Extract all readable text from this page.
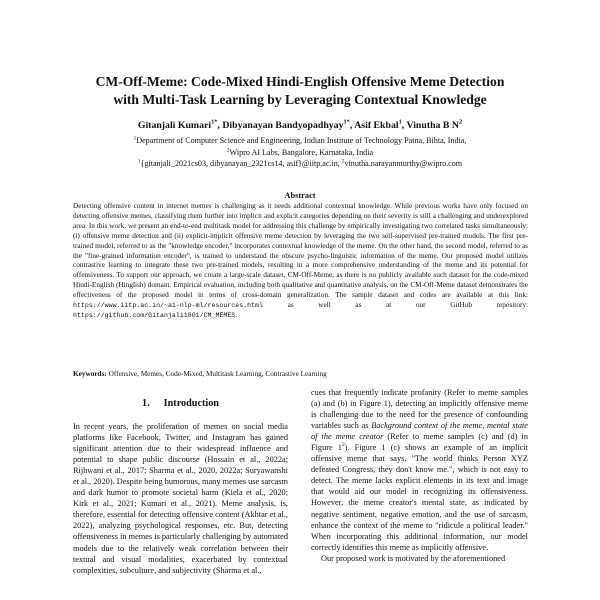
CM-Off-Meme: Code-Mixed Hindi-English Offensive Meme Detection
with Multi-Task Learning by Leveraging Contextual Knowledge
Gitanjali Kumari$^{1*}$, Dibyanayan Bandyopadhyay$^{1*}$, Asif Ekbal$^1$, Vinutha B $N^2$
$^1$Department of Computer Science and Engineering, Indian Institute of Technology Patna, Bihta, India,
$^2$Wipro AI Labs, Bangalore, Karnataka, India
$^1${gitanjali_2021cs03, dibyanayan_2321cs14, asif}@iitp.ac.in, $^2$vinutha.narayanmurthy@wipro.com
Abstract
Detecting offensive content in internet memes is challenging as it needs additional contextual knowledge. While previous works have only focused on detecting offensive memes, classifying them further into implicit and explicit categories depending on their severity is still a challenging and underexplored area. In this work, we present an end-to-end multitask model for addressing this challenge by empirically investigating two correlated tasks simultaneously: (i) offensive meme detection and (ii) explicit-implicit offensive meme detection by leveraging the two self-supervised pre-trained models. The first pre-trained model, referred to as the "knowledge encoder," incorporates contextual knowledge of the meme. On the other hand, the second model, referred to as the "fine-grained information encoder", is trained to understand the obscure psycho-linguistic information of the meme. Our proposed model utilizes contrastive learning to integrate these two pre-trained models, resulting in a more comprehensive understanding of the meme and its potential for offensiveness. To support our approach, we create a large-scale dataset, CM-Off-Meme, as there is no publicly available such dataset for the code-mixed Hindi-English (Hinglish) domain. Empirical evaluation, including both qualitative and quantitative analysis, on the CM-Off-Meme dataset demonstrates the effectiveness of the proposed model in terms of cross-domain generalization. The sample dataset and codes are available at this link: https://www.iitp.ac.in/~ai-nlp-ml/resources.html	as well as at our GitHub repository: https://github.com/Gitanjali1801/CM_MEMES.
Keywords: Offensive, Memes, Code-Mixed, Multitask Learning, Contrastive Learning
1. Introduction

In recent years, the proliferation of memes on social media platforms like Facebook, Twitter, and Instagram has gained significant attention due to their widespread influence and potential to shape public discourse (Hossain et al., 2022a; Rijhwani et al., 2017; Sharma et al., 2020, 2022a; Suryawanshi et al., 2020). Despite being humorous, many memes use sarcasm and dark humor to promote societal harm (Kiela et al., 2020; Kirk et al., 2021; Kumari et al., 2021). Meme analysis, is, therefore, essential for detecting offensive content (Akhtar et al., 2022), analyzing psychological responses, etc. But, detecting offensiveness in memes is particularly challenging by automated models due to the relatively weak correlation between their textual and visual modalities, exacerbated by contextual complexities, subculture, and subjectivity (Sharma et al.,

cues that frequently indicate profanity (Refer to meme samples (a) and (b) in Figure 1), detecting an implicitly offensive meme is challenging due to the need for the presence of confounding variables such as Background context of the meme, mental state of the meme creator (Refer to meme samples (c) and (d) in Figure $1^2$). Figure 1 (c) shows an example of an implicit offensive meme that says, "The world thinks Person XYZ defeated Congress, they don't know me.", which is not easy to detect. The meme lacks explicit elements in its text and image that would aid our model in recognizing its offensiveness. However, the meme creator's mental state, as indicated by negative sentiment, negative emotion, and the use of sarcasm, enhance the context of the meme to "ridicule a political leader." When incorporating this additional information, our model correctly identifies this meme as implicitly offensive.

Our proposed work is motivated by the aforementioned
